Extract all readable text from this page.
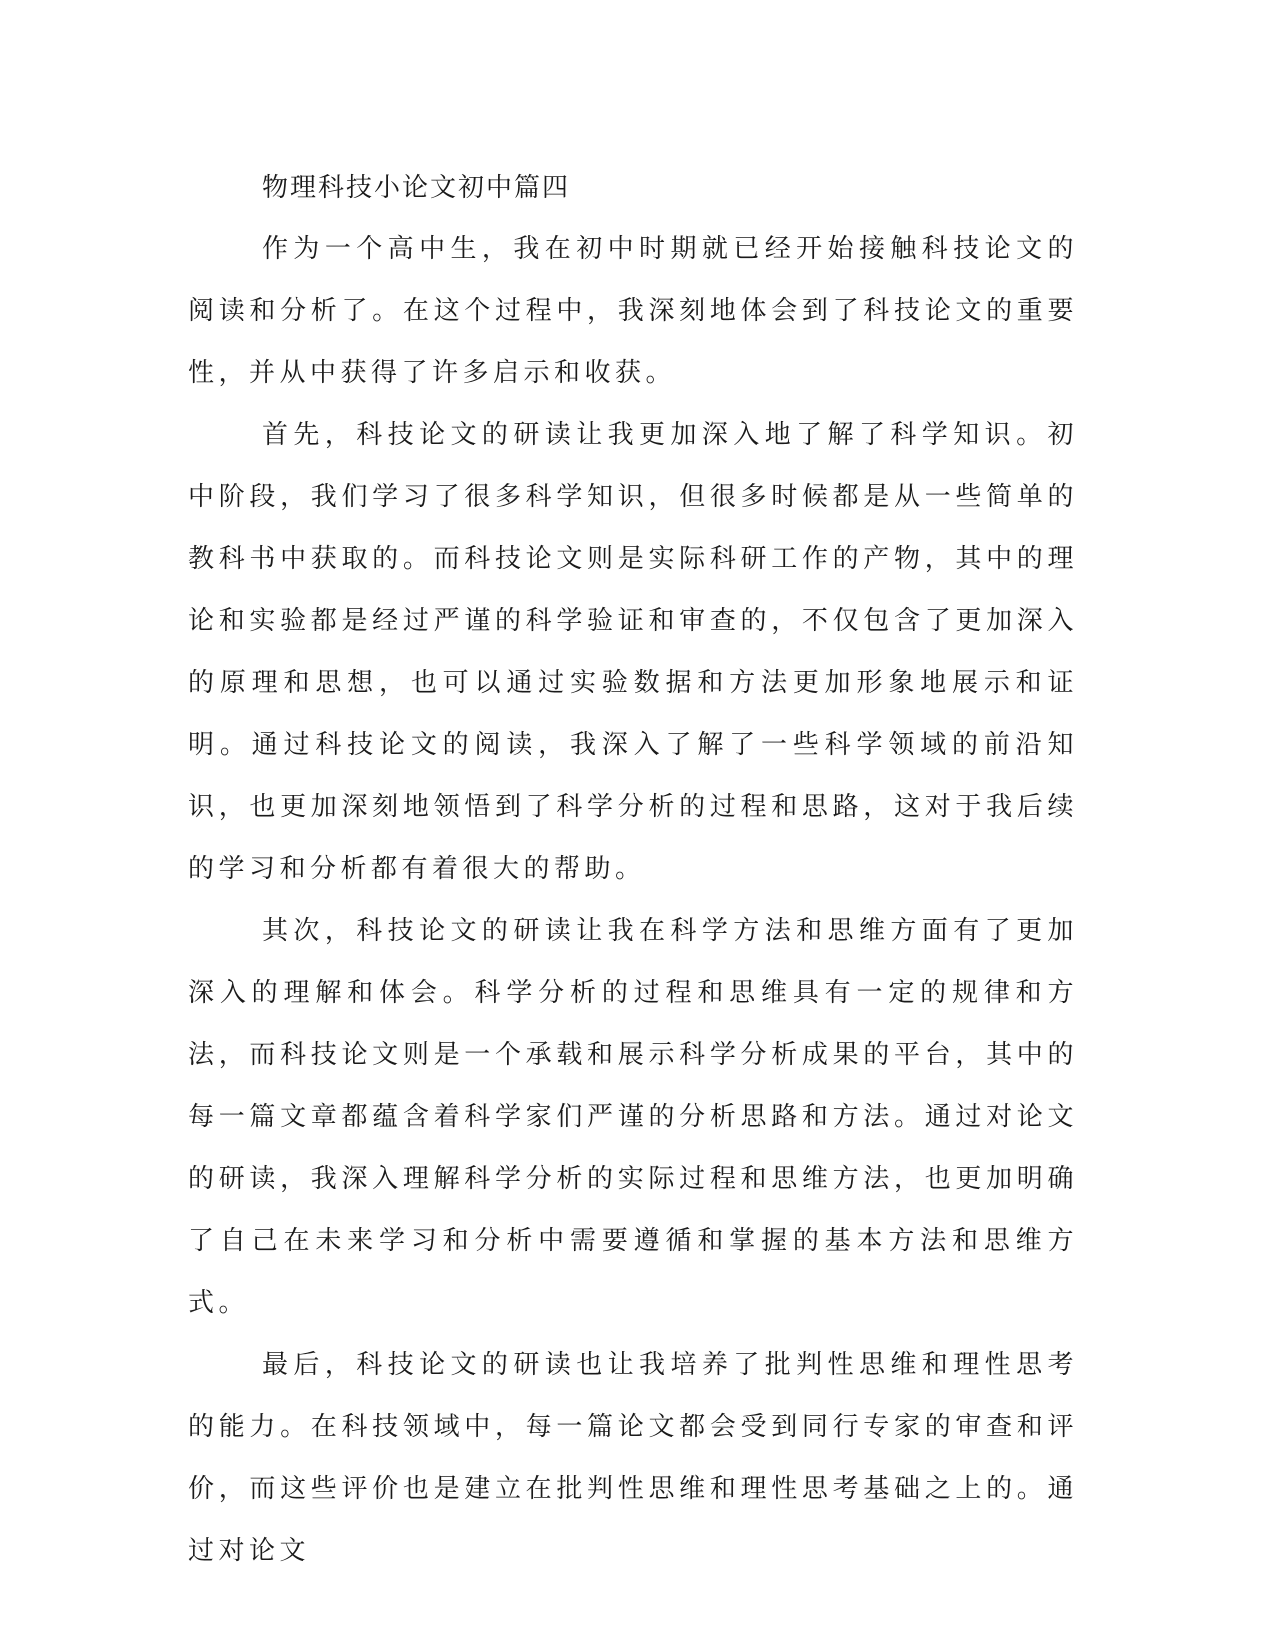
物理科技小论文初中篇四

作为一个高中生，我在初中时期就已经开始接触科技论文的阅读和分析了。在这个过程中，我深刻地体会到了科技论文的重要性，并从中获得了许多启示和收获。

首先，科技论文的研读让我更加深入地了解了科学知识。初中阶段，我们学习了很多科学知识，但很多时候都是从一些简单的教科书中获取的。而科技论文则是实际科研工作的产物，其中的理论和实验都是经过严谨的科学验证和审查的，不仅包含了更加深入的原理和思想，也可以通过实验数据和方法更加形象地展示和证明。通过科技论文的阅读，我深入了解了一些科学领域的前沿知识，也更加深刻地领悟到了科学分析的过程和思路，这对于我后续的学习和分析都有着很大的帮助。

其次，科技论文的研读让我在科学方法和思维方面有了更加深入的理解和体会。科学分析的过程和思维具有一定的规律和方法，而科技论文则是一个承载和展示科学分析成果的平台，其中的每一篇文章都蕴含着科学家们严谨的分析思路和方法。通过对论文的研读，我深入理解科学分析的实际过程和思维方法，也更加明确了自己在未来学习和分析中需要遵循和掌握的基本方法和思维方式。

最后，科技论文的研读也让我培养了批判性思维和理性思考的能力。在科技领域中，每一篇论文都会受到同行专家的审查和评价，而这些评价也是建立在批判性思维和理性思考基础之上的。通过对论文
